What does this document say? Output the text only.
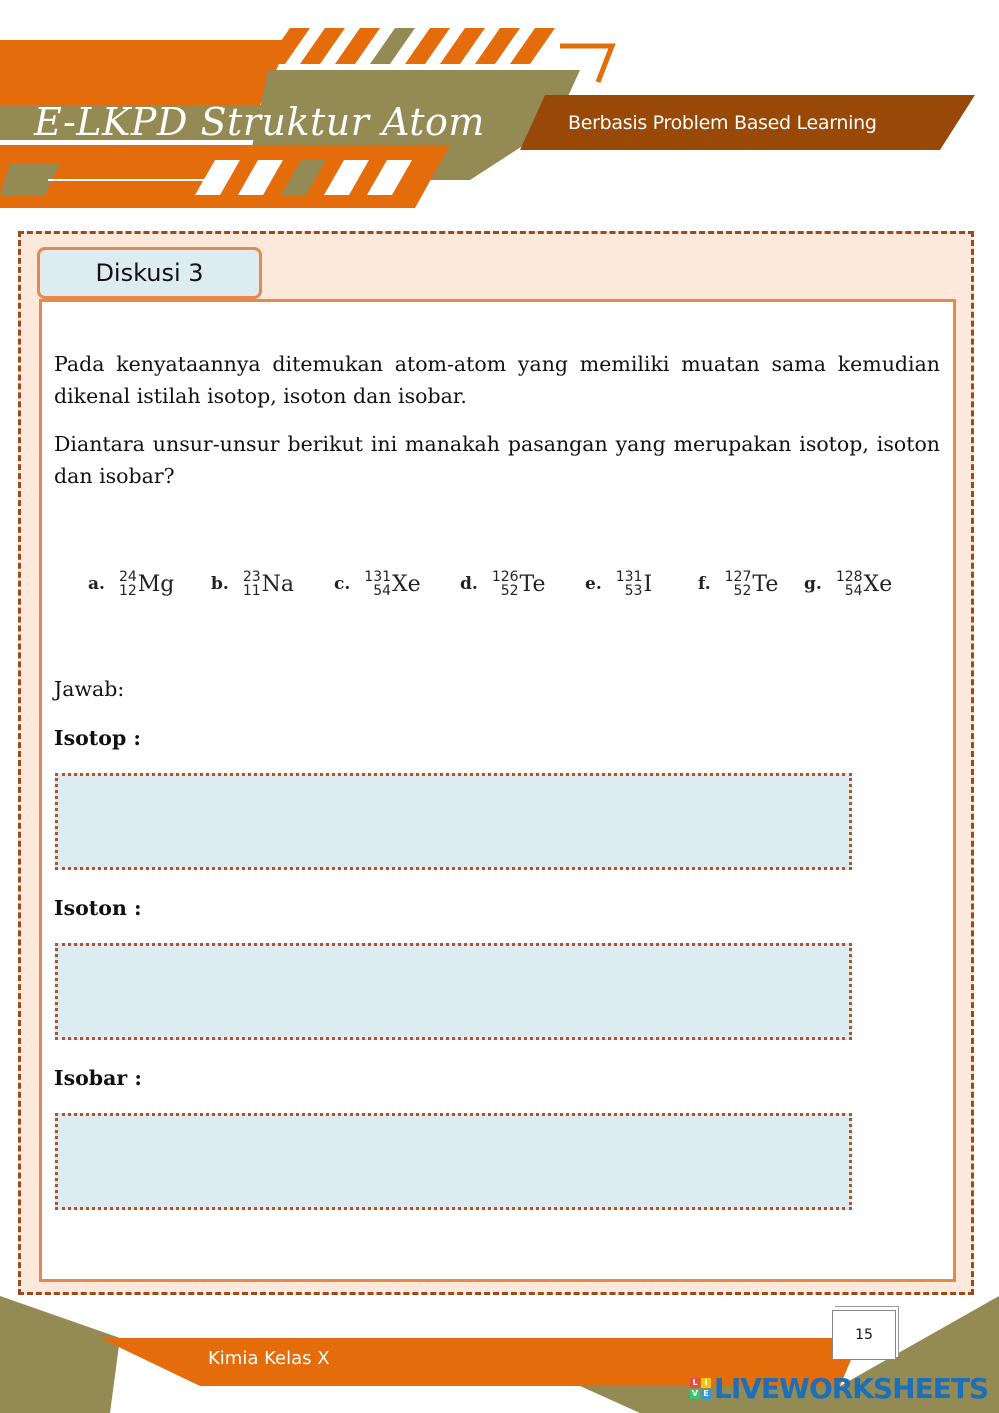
E-LKPD Struktur Atom	Berbasis Problem Based Learning
Diskusi 3
Pada kenyataannya ditemukan atom-atom yang memiliki muatan sama kemudian dikenal istilah isotop, isoton dan isobar.
Diantara unsur-unsur berikut ini manakah pasangan yang merupakan isotop, isoton dan isobar?
a. 24
12 Mg b. 23
11 Na c. 131
54 Xe d. 126
52 Te e. 131
53 I	f. 127
52 Te g. 128
54 Xe
Jawab:
Isotop :
Isoton :
Isobar :
Kimia Kelas X
15
L I
V E LIVEWORKSHEETS
